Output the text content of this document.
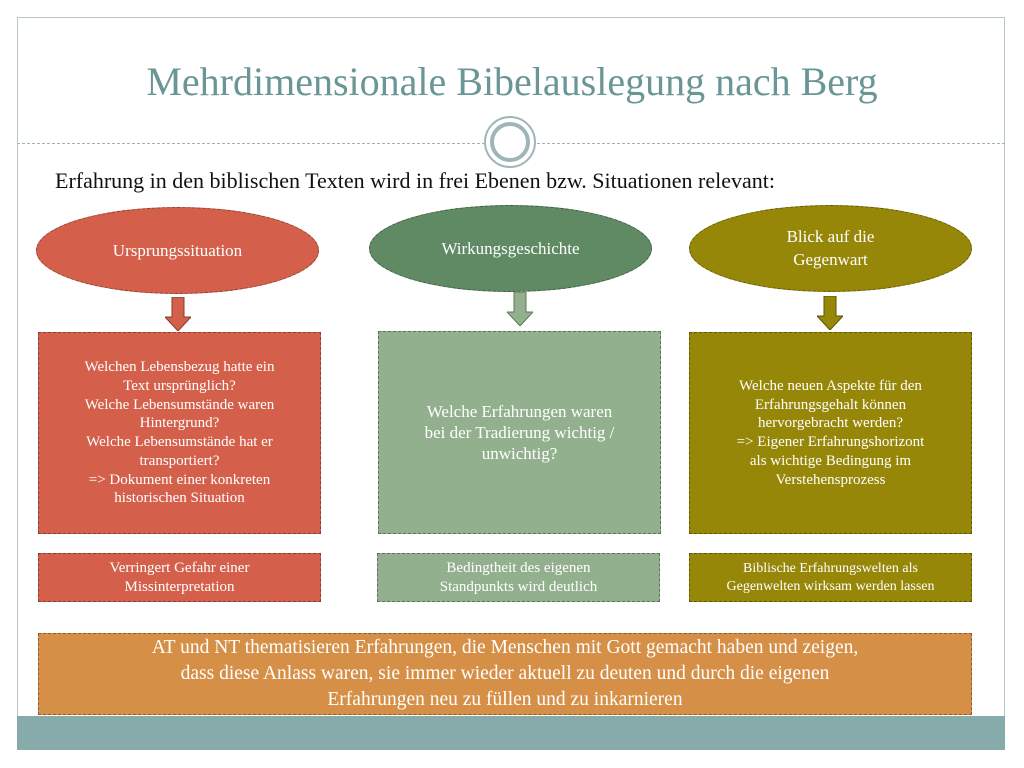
Mehrdimensionale Bibelauslegung nach Berg
Erfahrung in den biblischen Texten wird in frei Ebenen bzw. Situationen relevant:
Ursprungssituation
Welchen Lebensbezug hatte ein
Text ursprünglich?
Welche Lebensumstände waren
Hintergrund?
Welche Lebensumstände hat er
transportiert?
=> Dokument einer konkreten
historischen Situation
Verringert Gefahr einer
Missinterpretation
Wirkungsgeschichte
Welche Erfahrungen waren
bei der Tradierung wichtig /
unwichtig?
Bedingtheit des eigenen
Standpunkts wird deutlich
Blick auf die
Gegenwart
Welche neuen Aspekte für den
Erfahrungsgehalt können
hervorgebracht werden?
=> Eigener Erfahrungshorizont
als wichtige Bedingung im
Verstehensprozess
Biblische Erfahrungswelten als
Gegenwelten wirksam werden lassen
AT und NT thematisieren Erfahrungen, die Menschen mit Gott gemacht haben und zeigen,
dass diese Anlass waren, sie immer wieder aktuell zu deuten und durch die eigenen
Erfahrungen neu zu füllen und zu inkarnieren
